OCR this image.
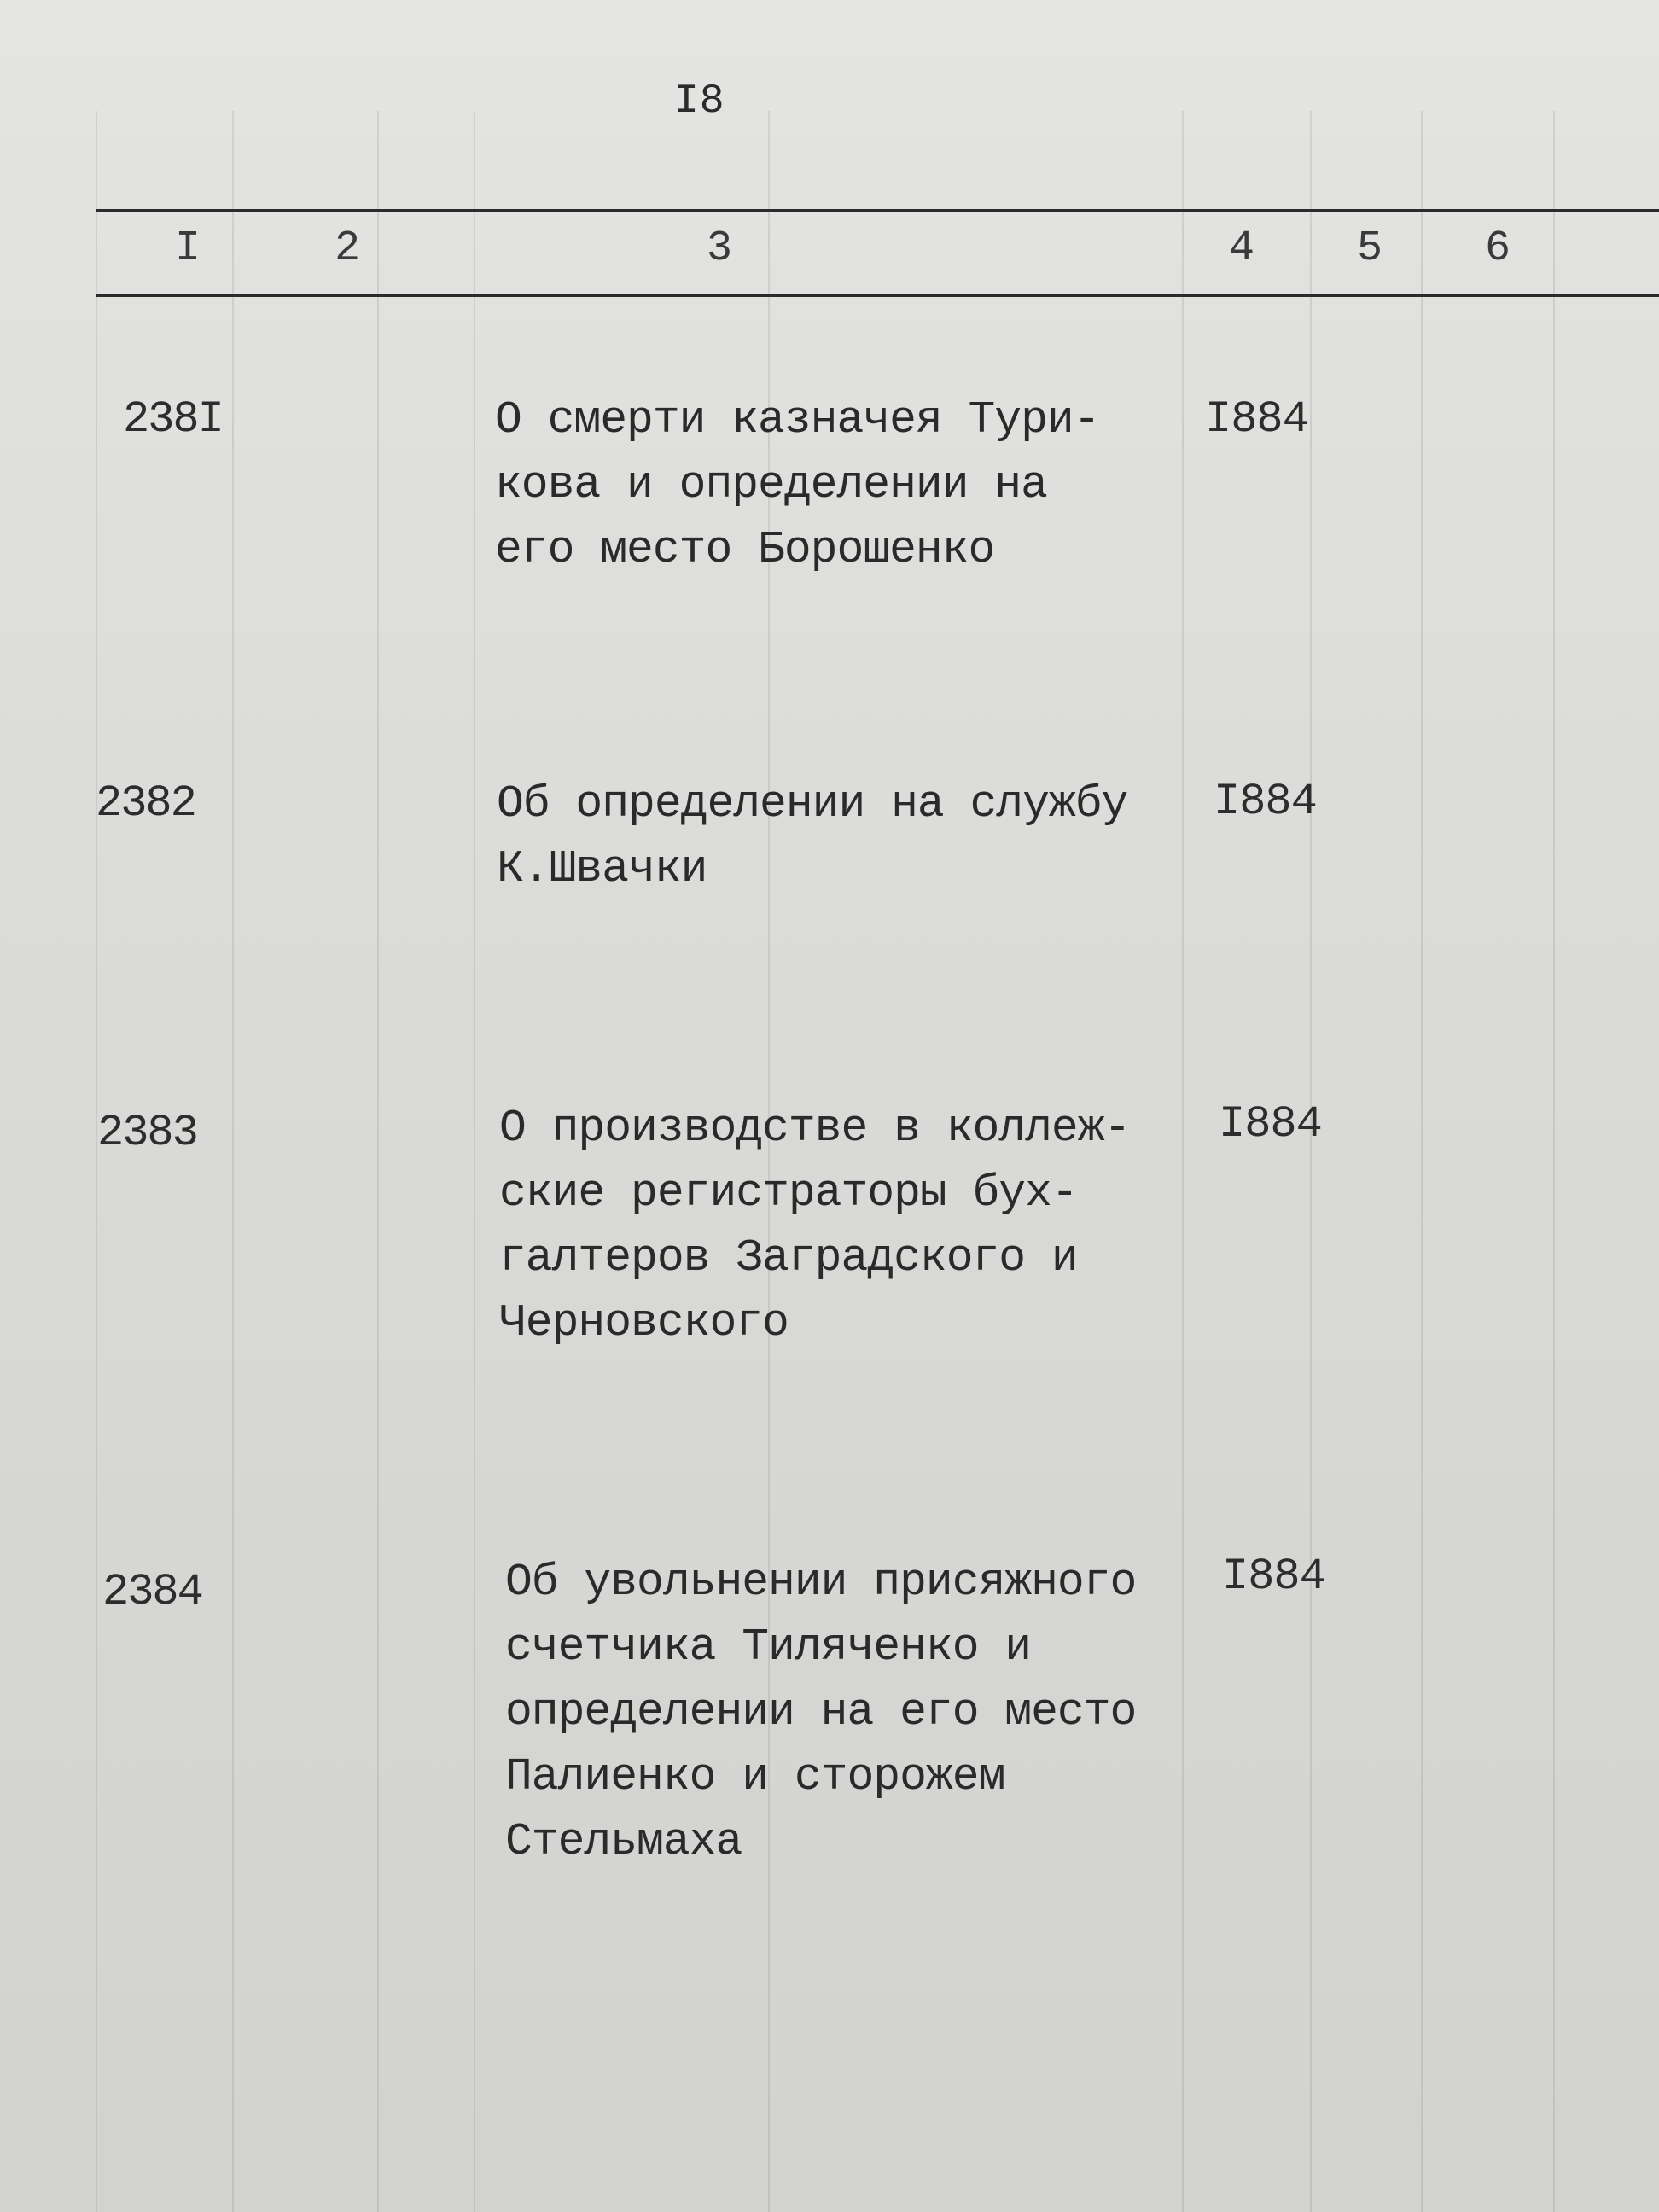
I8
I	2	3	4 5 6
238I	О смерти казначея Тури-
кова и определении на
его место Борошенко
I884
2382	Об определении на службу
К.Швачки
I884
2383	О производстве в коллеж-
ские регистраторы бух-
галтеров Заградского и
Черновского
I884
2384	Об увольнении присяжного
счетчика Тиляченко и
определении на его место
Палиенко и сторожем
Стельмаха
I884
